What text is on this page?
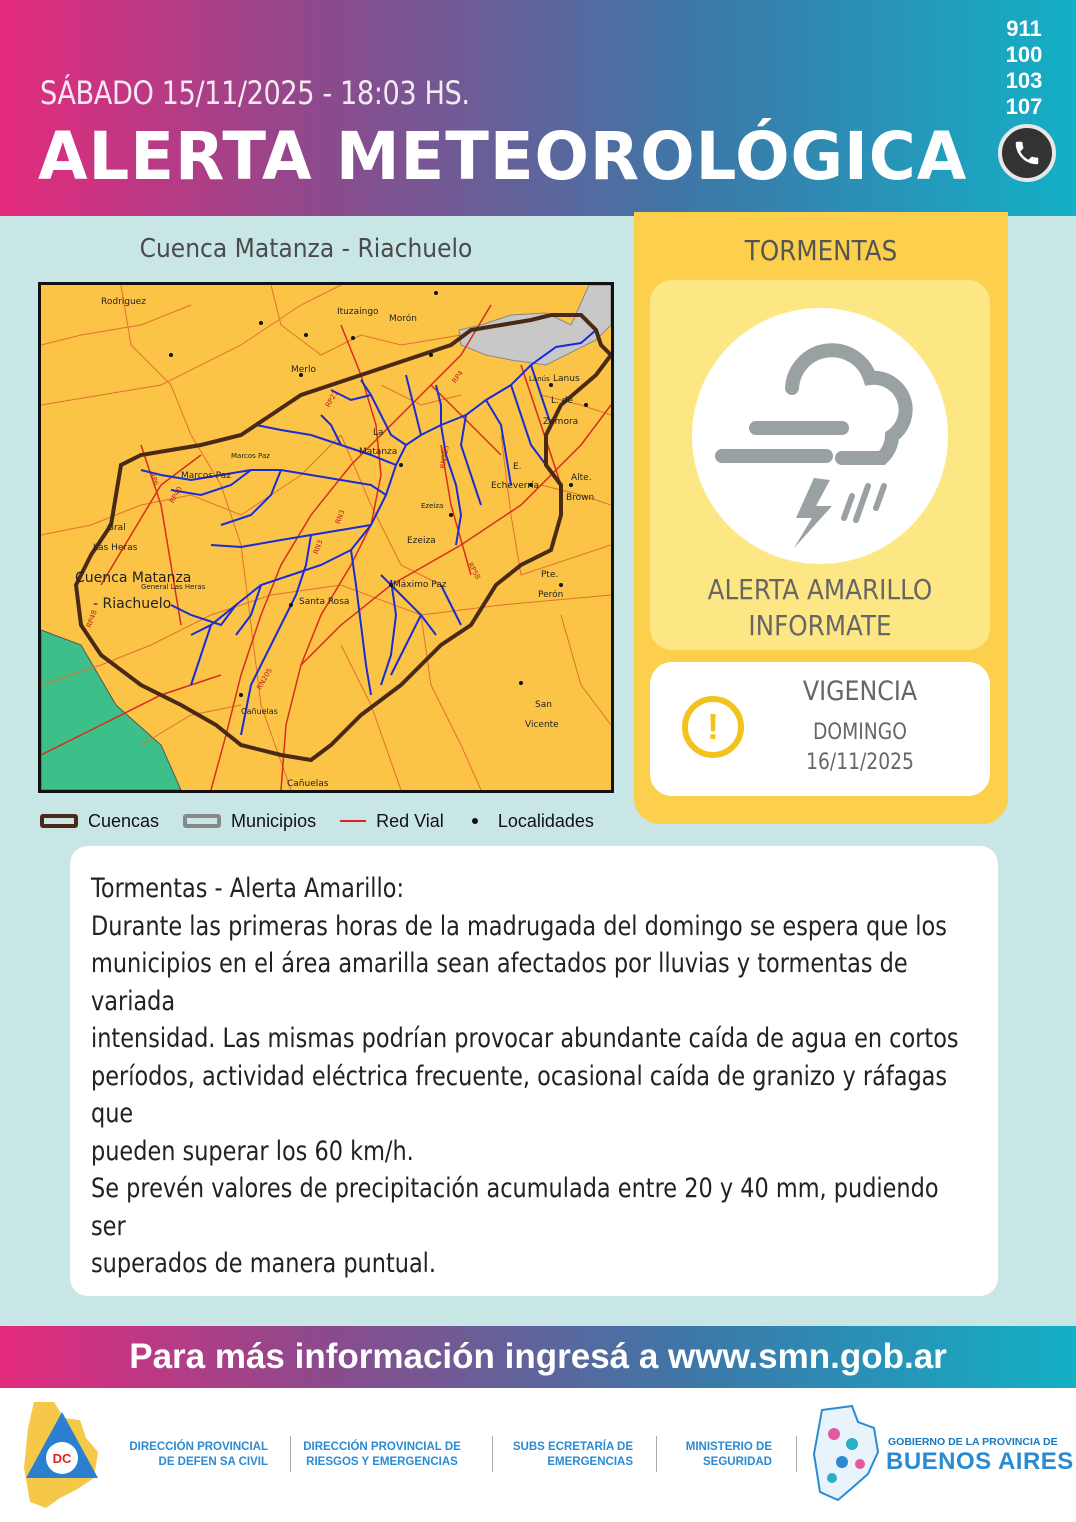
SÁBADO 15/11/2025 - 18:03 HS.
ALERTA METEOROLÓGICA
911
100
103
107
Cuenca Matanza - Riachuelo
Rodriguez
Ituzaingo
Morón
Merlo
Lanús Lanus
L. de
Zamora
La
Matanza
Marcos Paz
Marcos Paz
E.
Echeverría
Alte.
Brown
Ezeiza
Ezeiza
Gral
Las Heras
Cuenca Matanza
- Riachuelo
General Las Heras
Santa Rosa
Máximo Paz
Pte.
Perón
Cañuelas
Cañuelas
San
Vicente
RP4
RP21
RN3
RN205
RP58
RP6
RP40
RN205
RN3
RP48
Cuencas	Municipios	Red Vial	Localidades
TORMENTAS
ALERTA AMARILLO
INFORMATE
!
VIGENCIA
DOMINGO
16/11/2025

Tormentas - Alerta Amarillo:

Durante las primeras horas de la madrugada del domingo se espera que los

municipios en el área amarilla sean afectados por lluvias y tormentas de variada

intensidad. Las mismas podrían provocar abundante caída de agua en cortos

períodos, actividad eléctrica frecuente, ocasional caída de granizo y ráfagas que

pueden superar los 60 km/h.

Se prevén valores de precipitación acumulada entre 20 y 40 mm, pudiendo ser

superados de manera puntual.

Para más información ingresá a www.smn.gob.ar
DC
DIRECCIÓN PROVINCIAL
DE DEFEN SA CIVIL
DIRECCIÓN PROVINCIAL DE
RIESGOS Y EMERGENCIAS
SUBS ECRETARÍA DE
EMERGENCIAS
MINISTERIO DE
SEGURIDAD
GOBIERNO DE LA PROVINCIA DE
BUENOS AIRES
